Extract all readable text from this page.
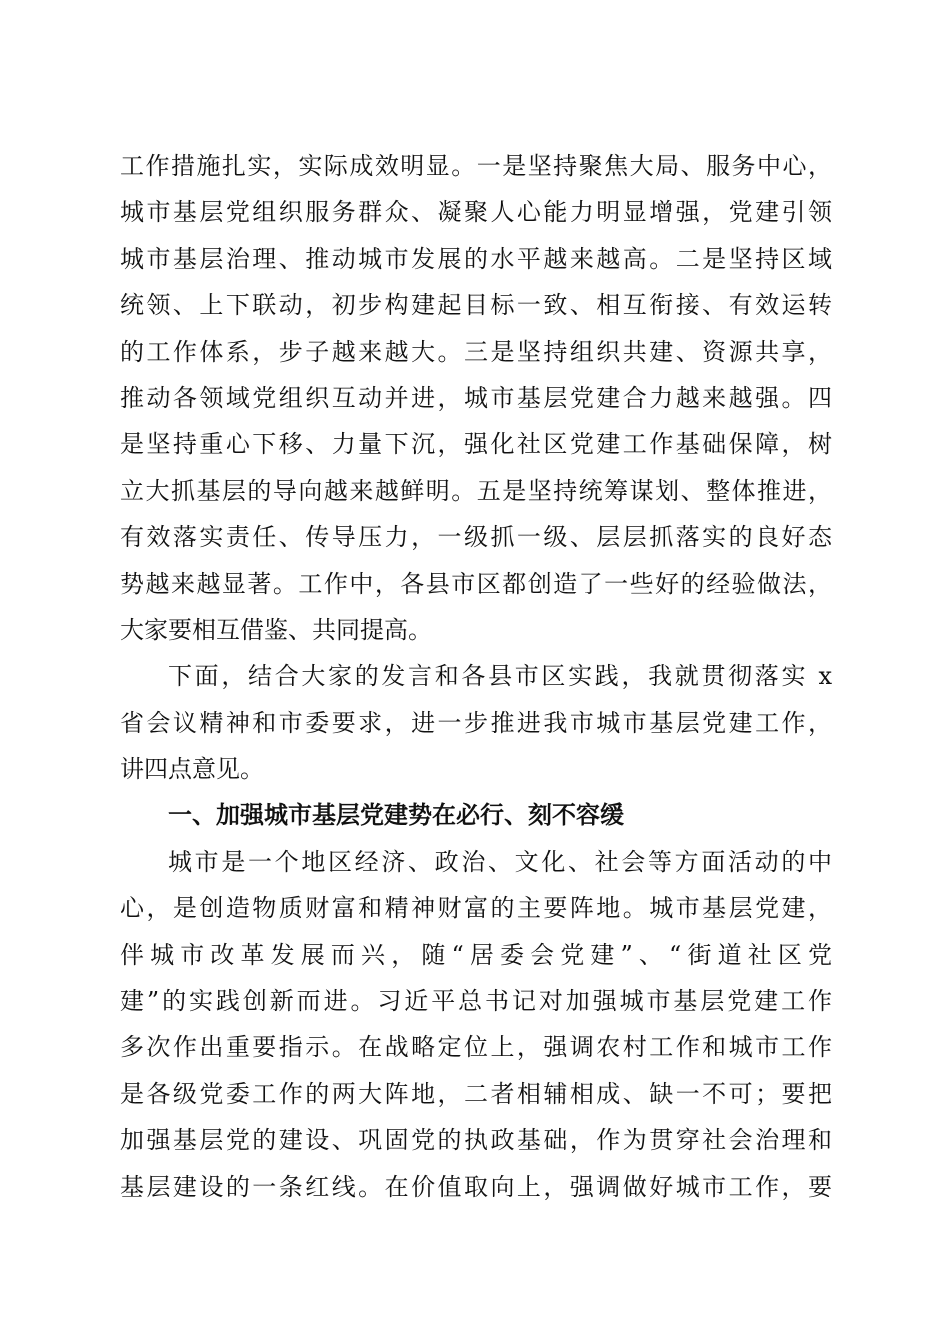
工作措施扎实，实际成效明显。一是坚持聚焦大局、服务中心，
城市基层党组织服务群众、凝聚人心能力明显增强，党建引领
城市基层治理、推动城市发展的水平越来越高。二是坚持区域
统领、上下联动，初步构建起目标一致、相互衔接、有效运转
的工作体系，步子越来越大。三是坚持组织共建、资源共享，
推动各领域党组织互动并进，城市基层党建合力越来越强。四
是坚持重心下移、力量下沉，强化社区党建工作基础保障，树
立大抓基层的导向越来越鲜明。五是坚持统筹谋划、整体推进，
有效落实责任、传导压力，一级抓一级、层层抓落实的良好态
势越来越显著。工作中，各县市区都创造了一些好的经验做法，
大家要相互借鉴、共同提高。
下面，结合大家的发言和各县市区实践，我就贯彻落实 x
省会议精神和市委要求，进一步推进我市城市基层党建工作，
讲四点意见。
一、加强城市基层党建势在必行、刻不容缓
城市是一个地区经济、政治、文化、社会等方面活动的中
心，是创造物质财富和精神财富的主要阵地。城市基层党建，
伴城市改革发展而兴，随“居委会党建”、“街道社区党
建”的实践创新而进。习近平总书记对加强城市基层党建工作
多次作出重要指示。在战略定位上，强调农村工作和城市工作
是各级党委工作的两大阵地，二者相辅相成、缺一不可；要把
加强基层党的建设、巩固党的执政基础，作为贯穿社会治理和
基层建设的一条红线。在价值取向上，强调做好城市工作，要
